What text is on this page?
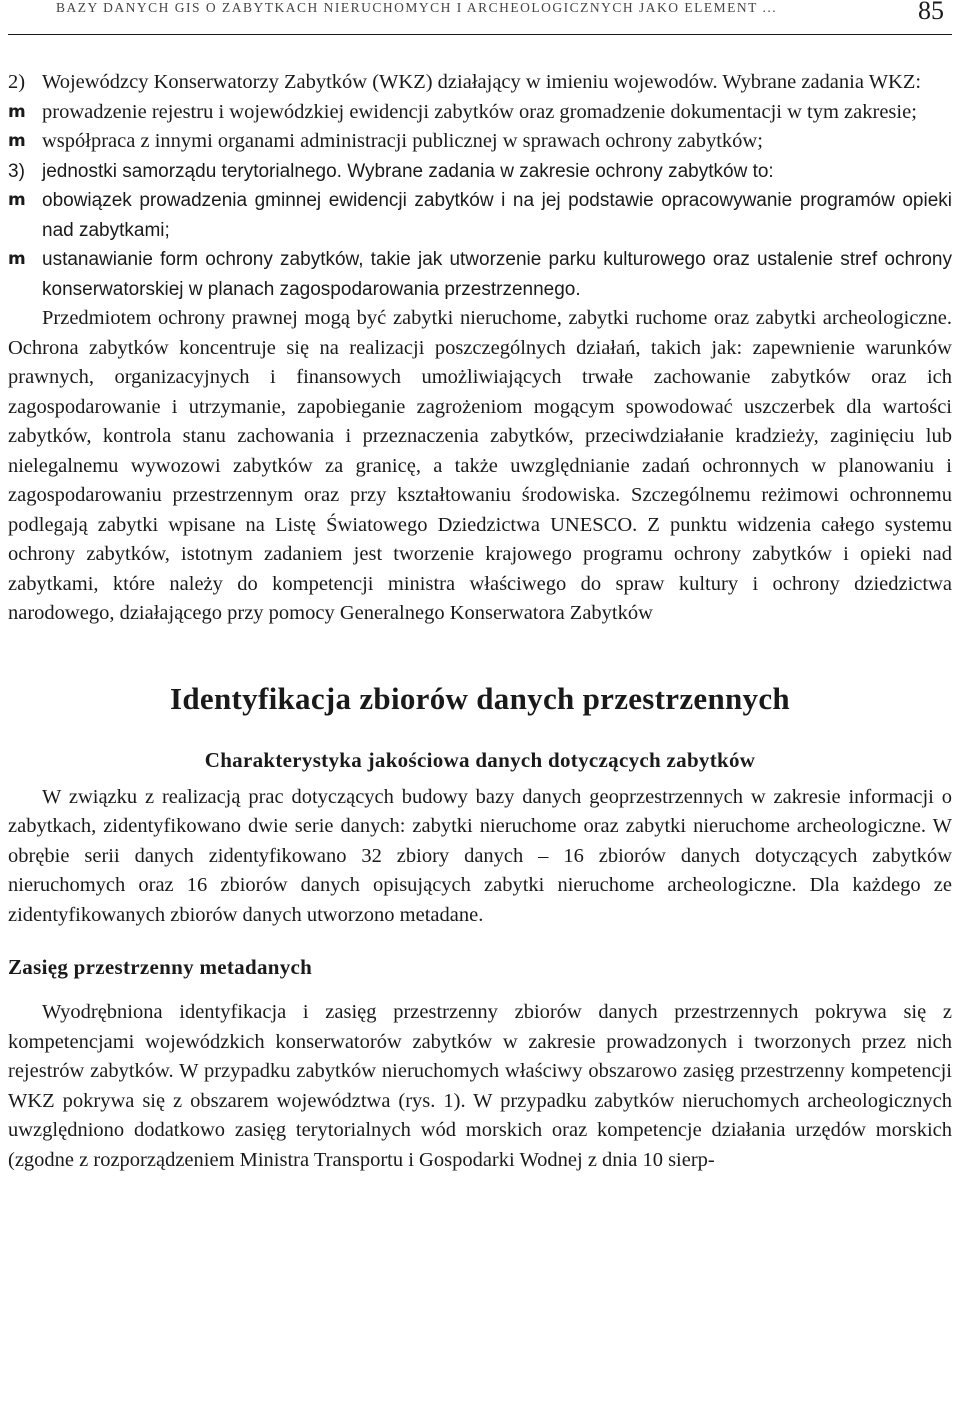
BAZY DANYCH GIS O ZABYTKACH NIERUCHOMYCH I ARCHEOLOGICZNYCH JAKO ELEMENT ...	85

2) Wojewódzcy Konserwatorzy Zabytków (WKZ) działający w imieniu wojewodów. Wybrane zadania WKZ:

m prowadzenie rejestru i wojewódzkiej ewidencji zabytków oraz gromadzenie dokumentacji w tym zakresie;

m współpraca z innymi organami administracji publicznej w sprawach ochrony zabytków;

3) jednostki samorządu terytorialnego. Wybrane zadania w zakresie ochrony zabytków to:

m obowiązek prowadzenia gminnej ewidencji zabytków i na jej podstawie opracowywanie programów opieki nad zabytkami;

m ustanawianie form ochrony zabytków, takie jak utworzenie parku kulturowego oraz ustalenie stref ochrony konserwatorskiej w planach zagospodarowania przestrzennego.

Przedmiotem ochrony prawnej mogą być zabytki nieruchome, zabytki ruchome oraz zabytki archeologiczne. Ochrona zabytków koncentruje się na realizacji poszczególnych działań, takich jak: zapewnienie warunków prawnych, organizacyjnych i finansowych umożliwiających trwałe zachowanie zabytków oraz ich zagospodarowanie i utrzymanie, zapobieganie zagrożeniom mogącym spowodować uszczerbek dla wartości zabytków, kontrola stanu zachowania i przeznaczenia zabytków, przeciwdziałanie kradzieży, zaginięciu lub nielegalnemu wywozowi zabytków za granicę, a także uwzględnianie zadań ochronnych w planowaniu i zagospodarowaniu przestrzennym oraz przy kształtowaniu środowiska. Szczególnemu reżimowi ochronnemu podlegają zabytki wpisane na Listę Światowego Dziedzictwa UNESCO. Z punktu widzenia całego systemu ochrony zabytków, istotnym zadaniem jest tworzenie krajowego programu ochrony zabytków i opieki nad zabytkami, które należy do kompetencji ministra właściwego do spraw kultury i ochrony dziedzictwa narodowego, działającego przy pomocy Generalnego Konserwatora Zabytków

Identyfikacja zbiorów danych przestrzennych
Charakterystyka jakościowa danych dotyczących zabytków

W związku z realizacją prac dotyczących budowy bazy danych geoprzestrzennych w zakresie informacji o zabytkach, zidentyfikowano dwie serie danych: zabytki nieruchome oraz zabytki nieruchome archeologiczne. W obrębie serii danych zidentyfikowano 32 zbiory danych – 16 zbiorów danych dotyczących zabytków nieruchomych oraz 16 zbiorów danych opisujących zabytki nieruchome archeologiczne. Dla każdego ze zidentyfikowanych zbiorów danych utworzono metadane.

Zasięg przestrzenny metadanych

Wyodrębniona identyfikacja i zasięg przestrzenny zbiorów danych przestrzennych pokrywa się z kompetencjami wojewódzkich konserwatorów zabytków w zakresie prowadzonych i tworzonych przez nich rejestrów zabytków. W przypadku zabytków nieruchomych właściwy obszarowo zasięg przestrzenny kompetencji WKZ pokrywa się z obszarem województwa (rys. 1). W przypadku zabytków nieruchomych archeologicznych uwzględniono dodatkowo zasięg terytorialnych wód morskich oraz kompetencje działania urzędów morskich (zgodne z rozporządzeniem Ministra Transportu i Gospodarki Wodnej z dnia 10 sierp-
